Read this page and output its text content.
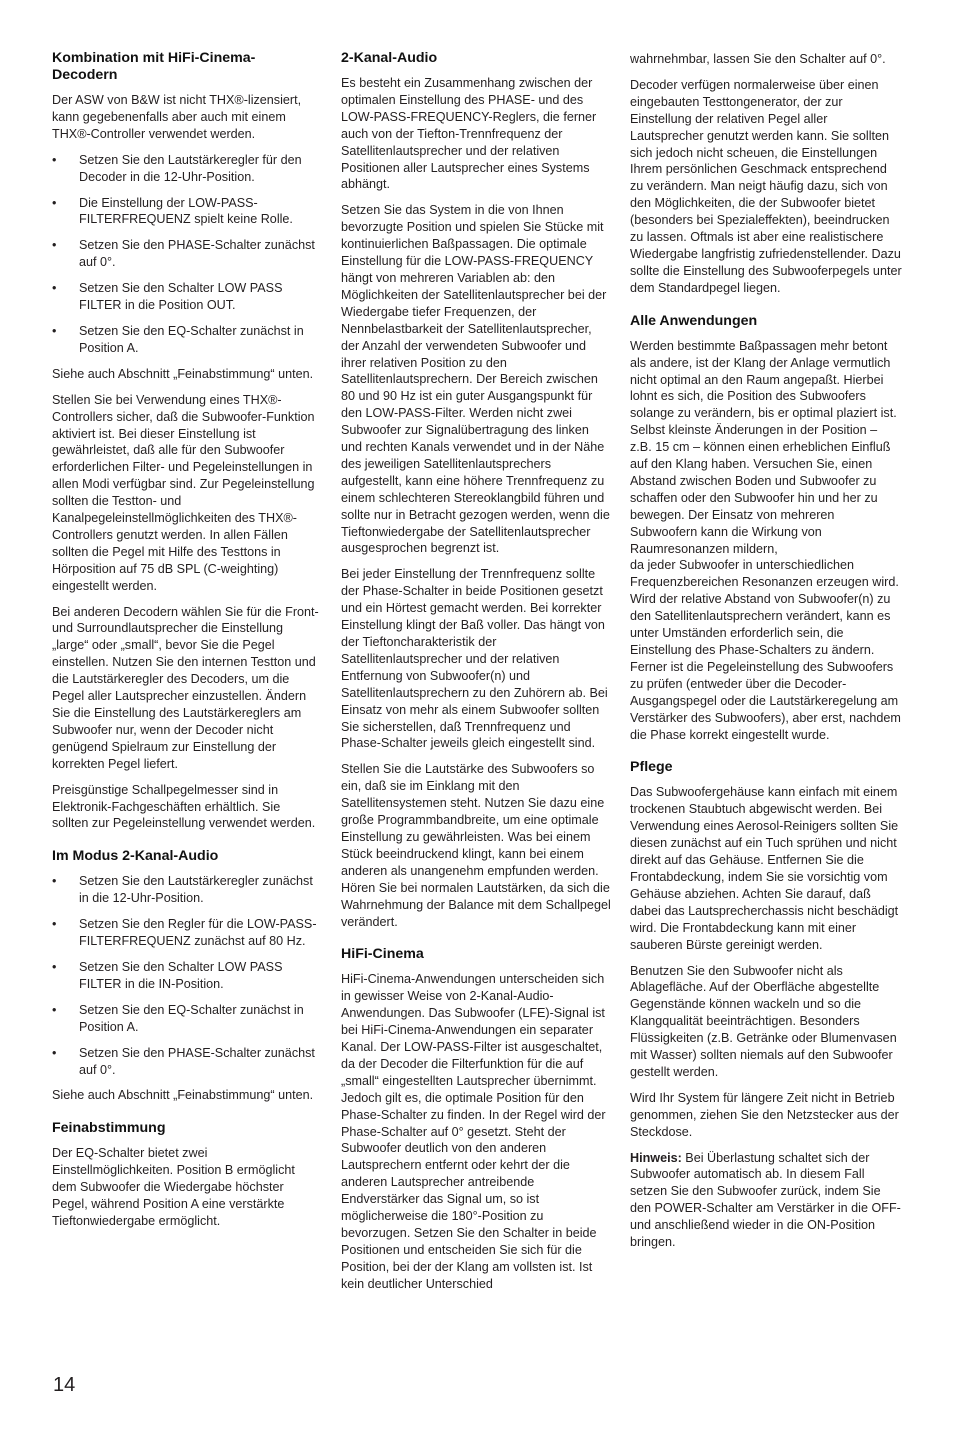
Kombination mit HiFi-Cinema-Decodern

Der ASW von B&W ist nicht THX®-lizensiert, kann gegebenenfalls aber auch mit einem THX®-Controller verwendet werden.

• Setzen Sie den Lautstärkeregler für den Decoder in die 12-Uhr-Position.
• Die Einstellung der LOW-PASS-FILTERFREQUENZ spielt keine Rolle.
• Setzen Sie den PHASE-Schalter zunächst auf 0°.
• Setzen Sie den Schalter LOW PASS FILTER in die Position OUT.
• Setzen Sie den EQ-Schalter zunächst in Position A.

Siehe auch Abschnitt „Feinabstimmung“ unten.

Stellen Sie bei Verwendung eines THX®-Controllers sicher, daß die Subwoofer-Funktion aktiviert ist. Bei dieser Einstellung ist gewährleistet, daß alle für den Subwoofer erforderlichen Filter- und Pegeleinstellungen in allen Modi verfügbar sind. Zur Pegeleinstellung sollten die Testton- und Kanalpegeleinstellmöglichkeiten des THX®-Controllers genutzt werden. In allen Fällen sollten die Pegel mit Hilfe des Testtons in Hörposition auf 75 dB SPL (C-weighting) eingestellt werden.

Bei anderen Decodern wählen Sie für die Front- und Surroundlautsprecher die Einstellung „large“ oder „small“, bevor Sie die Pegel einstellen. Nutzen Sie den internen Testton und die Lautstärkeregler des Decoders, um die Pegel aller Lautsprecher einzustellen. Ändern Sie die Einstellung des Lautstärkereglers am Subwoofer nur, wenn der Decoder nicht genügend Spielraum zur Einstellung der korrekten Pegel liefert.

Preisgünstige Schallpegelmesser sind in Elektronik-Fachgeschäften erhältlich. Sie sollten zur Pegeleinstellung verwendet werden.

Im Modus 2-Kanal-Audio
• Setzen Sie den Lautstärkeregler zunächst in die 12-Uhr-Position.
• Setzen Sie den Regler für die LOW-PASS-FILTERFREQUENZ zunächst auf 80 Hz.
• Setzen Sie den Schalter LOW PASS FILTER in die IN-Position.
• Setzen Sie den EQ-Schalter zunächst in Position A.
• Setzen Sie den PHASE-Schalter zunächst auf 0°.

Siehe auch Abschnitt „Feinabstimmung“ unten.

Feinabstimmung

Der EQ-Schalter bietet zwei Einstellmöglichkeiten. Position B ermöglicht dem Subwoofer die Wiedergabe höchster Pegel, während Position A eine verstärkte Tieftonwiedergabe ermöglicht.

2-Kanal-Audio

Es besteht ein Zusammenhang zwischen der optimalen Einstellung des PHASE- und des LOW-PASS-FREQUENCY-Reglers, die ferner auch von der Tiefton-Trennfrequenz der Satellitenlautsprecher und der relativen Positionen aller Lautsprecher eines Systems abhängt.

Setzen Sie das System in die von Ihnen bevorzugte Position und spielen Sie Stücke mit kontinuierlichen Baßpassagen. Die optimale Einstellung für die LOW-PASS-FREQUENCY hängt von mehreren Variablen ab: den Möglichkeiten der Satellitenlautsprecher bei der Wiedergabe tiefer Frequenzen, der Nennbelastbarkeit der Satellitenlautsprecher, der Anzahl der verwendeten Subwoofer und ihrer relativen Position zu den Satellitenlautsprechern. Der Bereich zwischen 80 und 90 Hz ist ein guter Ausgangspunkt für den LOW-PASS-Filter. Werden nicht zwei Subwoofer zur Signalübertragung des linken und rechten Kanals verwendet und in der Nähe des jeweiligen Satellitenlautsprechers aufgestellt, kann eine höhere Trennfrequenz zu einem schlechteren Stereoklangbild führen und sollte nur in Betracht gezogen werden, wenn die Tieftonwiedergabe der Satellitenlautsprecher ausgesprochen begrenzt ist.

Bei jeder Einstellung der Trennfrequenz sollte der Phase-Schalter in beide Positionen gesetzt und ein Hörtest gemacht werden. Bei korrekter Einstellung klingt der Baß voller. Das hängt von der Tieftoncharakteristik der Satellitenlautsprecher und der relativen Entfernung von Subwoofer(n) und Satellitenlautsprechern zu den Zuhörern ab. Bei Einsatz von mehr als einem Subwoofer sollten Sie sicherstellen, daß Trennfrequenz und Phase-Schalter jeweils gleich eingestellt sind.

Stellen Sie die Lautstärke des Subwoofers so ein, daß sie im Einklang mit den Satellitensystemen steht. Nutzen Sie dazu eine große Programmbandbreite, um eine optimale Einstellung zu gewährleisten. Was bei einem Stück beeindruckend klingt, kann bei einem anderen als unangenehm empfunden werden. Hören Sie bei normalen Lautstärken, da sich die Wahrnehmung der Balance mit dem Schallpegel verändert.

HiFi-Cinema

HiFi-Cinema-Anwendungen unterscheiden sich in gewisser Weise von 2-Kanal-Audio-Anwendungen. Das Subwoofer (LFE)-Signal ist bei HiFi-Cinema-Anwendungen ein separater Kanal. Der LOW-PASS-Filter ist ausgeschaltet, da der Decoder die Filterfunktion für die auf „small“ eingestellten Lautsprecher übernimmt. Jedoch gilt es, die optimale Position für den Phase-Schalter zu finden. In der Regel wird der Phase-Schalter auf 0° gesetzt. Steht der Subwoofer deutlich von den anderen Lautsprechern entfernt oder kehrt der die anderen Lautsprecher antreibende Endverstärker das Signal um, so ist möglicherweise die 180°-Position zu bevorzugen. Setzen Sie den Schalter in beide Positionen und entscheiden Sie sich für die Position, bei der der Klang am vollsten ist. Ist kein deutlicher Unterschied

wahrnehmbar, lassen Sie den Schalter auf 0°.

Decoder verfügen normalerweise über einen eingebauten Testtongenerator, der zur Einstellung der relativen Pegel aller Lautsprecher genutzt werden kann. Sie sollten sich jedoch nicht scheuen, die Einstellungen Ihrem persönlichen Geschmack entsprechend zu verändern. Man neigt häufig dazu, sich von den Möglichkeiten, die der Subwoofer bietet (besonders bei Spezialeffekten), beeindrucken zu lassen. Oftmals ist aber eine realistischere Wiedergabe langfristig zufriedenstellender. Dazu sollte die Einstellung des Subwooferpegels unter dem Standardpegel liegen.

Alle Anwendungen

Werden bestimmte Baßpassagen mehr betont als andere, ist der Klang der Anlage vermutlich nicht optimal an den Raum angepaßt. Hierbei lohnt es sich, die Position des Subwoofers solange zu verändern, bis er optimal plaziert ist. Selbst kleinste Änderungen in der Position – z.B. 15 cm – können einen erheblichen Einfluß auf den Klang haben. Versuchen Sie, einen Abstand zwischen Boden und Subwoofer zu schaffen oder den Subwoofer hin und her zu bewegen. Der Einsatz von mehreren Subwoofern kann die Wirkung von Raumresonanzen mildern,

da jeder Subwoofer in unterschiedlichen Frequenzbereichen Resonanzen erzeugen wird. Wird der relative Abstand von Subwoofer(n) zu den Satellitenlautsprechern verändert, kann es unter Umständen erforderlich sein, die Einstellung des Phase-Schalters zu ändern. Ferner ist die Pegeleinstellung des Subwoofers zu prüfen (entweder über die Decoder-Ausgangspegel oder die Lautstärkeregelung am Verstärker des Subwoofers), aber erst, nachdem die Phase korrekt eingestellt wurde.

Pflege

Das Subwoofergehäuse kann einfach mit einem trockenen Staubtuch abgewischt werden. Bei Verwendung eines Aerosol-Reinigers sollten Sie diesen zunächst auf ein Tuch sprühen und nicht direkt auf das Gehäuse. Entfernen Sie die Frontabdeckung, indem Sie sie vorsichtig vom Gehäuse abziehen. Achten Sie darauf, daß dabei das Lautsprecherchassis nicht beschädigt wird. Die Frontabdeckung kann mit einer sauberen Bürste gereinigt werden.

Benutzen Sie den Subwoofer nicht als Ablagefläche. Auf der Oberfläche abgestellte Gegenstände können wackeln und so die Klangqualität beeinträchtigen. Besonders Flüssigkeiten (z.B. Getränke oder Blumenvasen mit Wasser) sollten niemals auf den Subwoofer gestellt werden.

Wird Ihr System für längere Zeit nicht in Betrieb genommen, ziehen Sie den Netzstecker aus der Steckdose.

Hinweis: Bei Überlastung schaltet sich der Subwoofer automatisch ab. In diesem Fall setzen Sie den Subwoofer zurück, indem Sie den POWER-Schalter am Verstärker in die OFF- und anschließend wieder in die ON-Position bringen.

14
